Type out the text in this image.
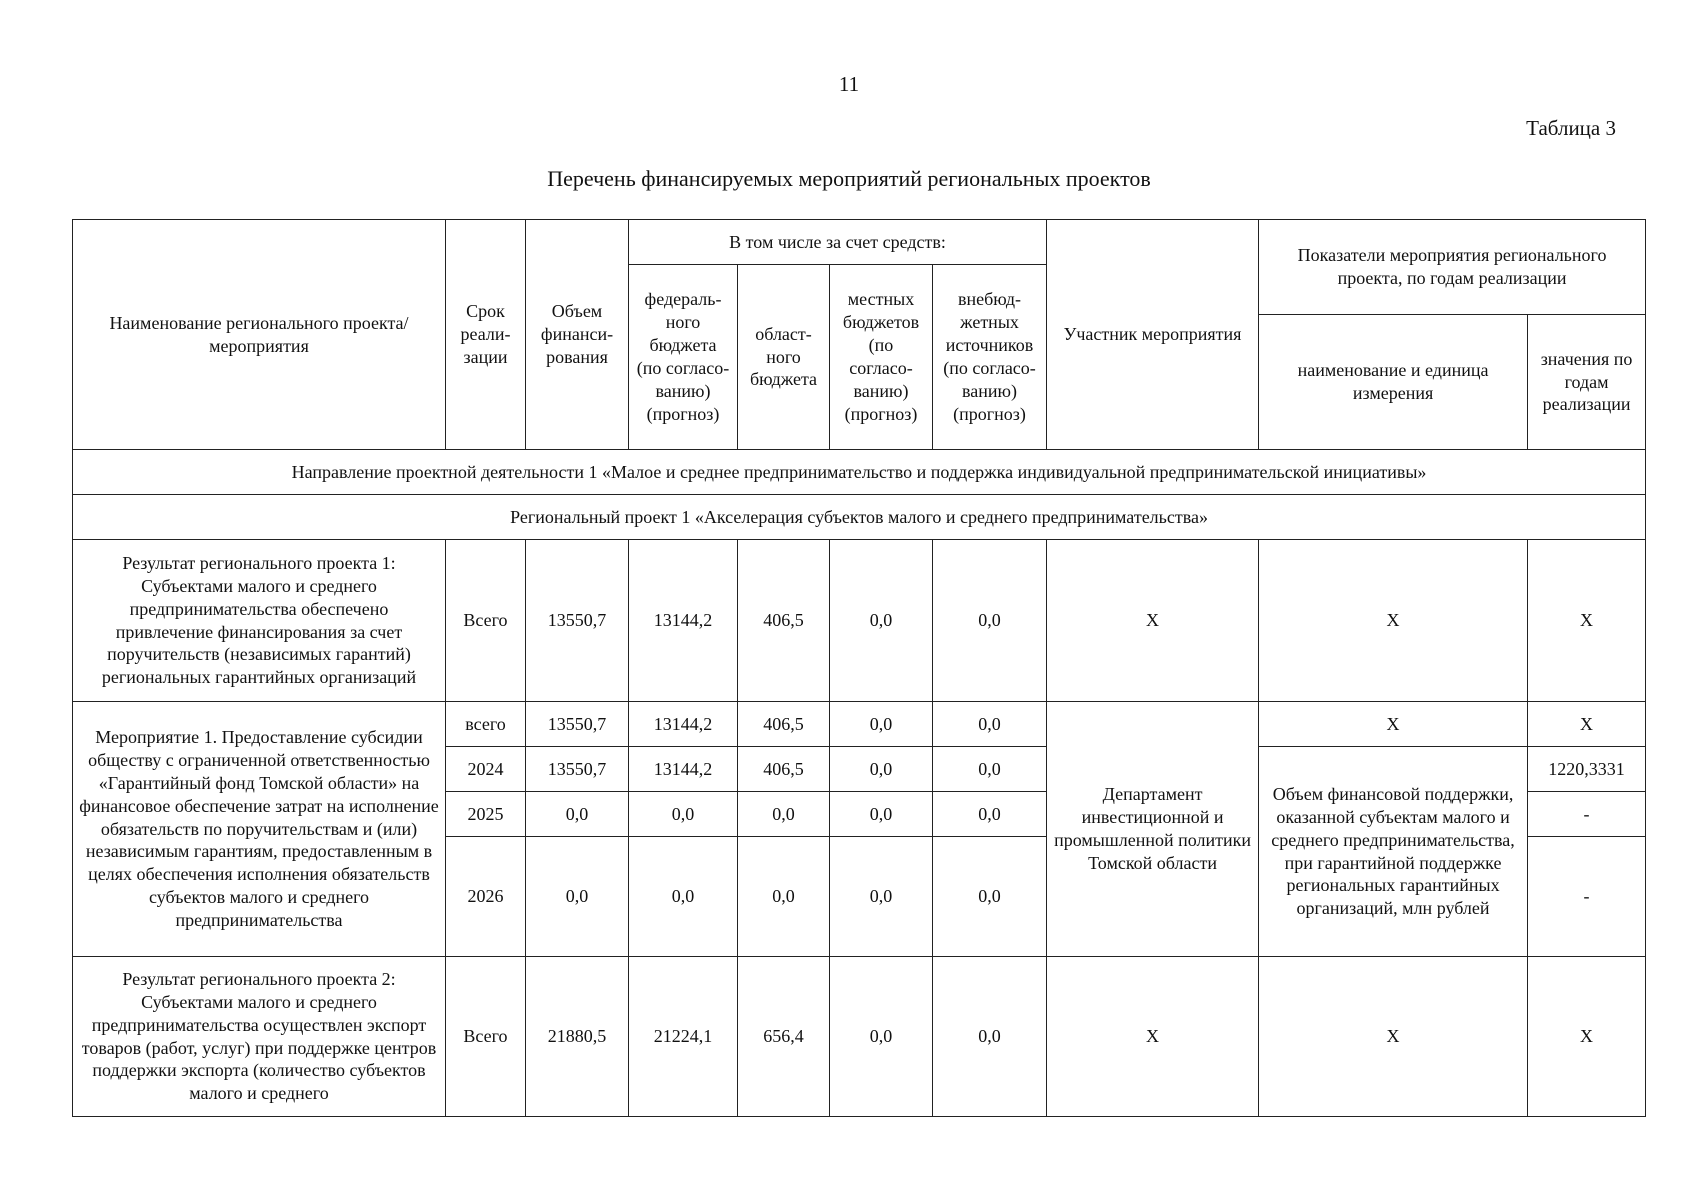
11
Таблица 3
Перечень финансируемых мероприятий региональных проектов
Наименование регионального проекта/мероприятия	Срок реали-зации	Объем финанси-рования	В том числе за счет средств:				Участник мероприятия	Показатели мероприятия регионального проекта, по годам реализации	
			федераль-ного бюджета (по согласо-ванию) (прогноз)	област-ного бюджета	местных бюджетов (по согласо-ванию) (прогноз)	внебюд-жетных источников (по согласо-ванию) (прогноз)			
								наименование и единица измерения	значения по годам реализации
Направление проектной деятельности 1 «Малое и среднее предпринимательство и поддержка индивидуальной предпринимательской инициативы»									
Региональный проект 1 «Акселерация субъектов малого и среднего предпринимательства»									
Результат регионального проекта 1: Субъектами малого и среднего предпринимательства обеспечено привлечение финансирования за счет поручительств (независимых гарантий) региональных гарантийных организаций	Всего	13550,7	13144,2	406,5	0,0	0,0	Х	Х	Х
Мероприятие 1. Предоставление субсидии обществу с ограниченной ответственностью «Гарантийный фонд Томской области» на финансовое обеспечение затрат на исполнение обязательств по поручительствам и (или) независимым гарантиям, предоставленным в целях обеспечения исполнения обязательств субъектов малого и среднего предпринимательства	всего	13550,7	13144,2	406,5	0,0	0,0	Департамент инвестиционной и промышленной политики Томской области	Х	Х
	2024	13550,7	13144,2	406,5	0,0	0,0		Объем финансовой поддержки, оказанной субъектам малого и среднего предпринимательства, при гарантийной поддержке региональных гарантийных организаций, млн рублей	1220,3331
	2025	0,0	0,0	0,0	0,0	0,0			-
	2026	0,0	0,0	0,0	0,0	0,0			-
Результат регионального проекта 2: Субъектами малого и среднего предпринимательства осуществлен экспорт товаров (работ, услуг) при поддержке центров поддержки экспорта (количество субъектов малого и среднего	Всего	21880,5	21224,1	656,4	0,0	0,0	Х	Х	Х
